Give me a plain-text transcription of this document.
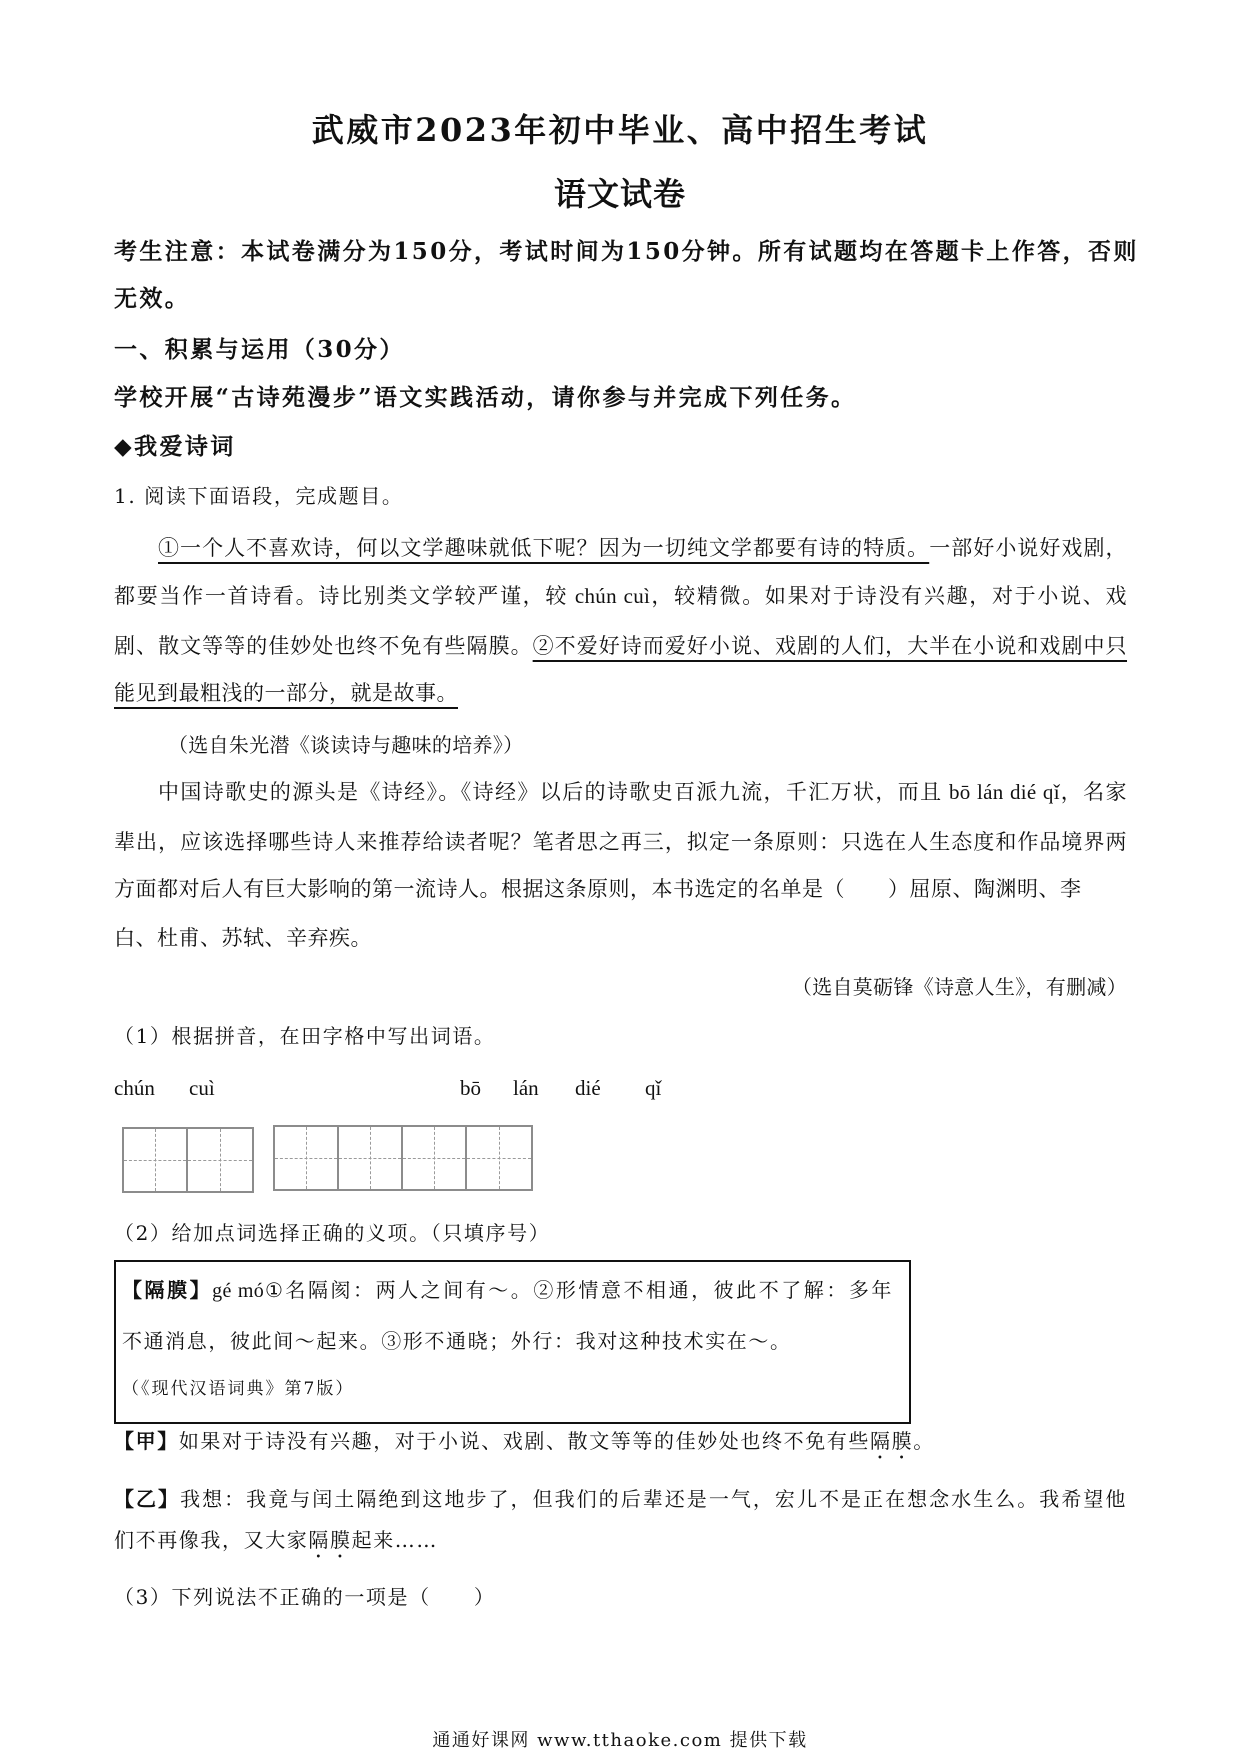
武威市2023年初中毕业、高中招生考试
语文试卷
考生注意：本试卷满分为150分，考试时间为150分钟。所有试题均在答题卡上作答，否则
无效。
一、积累与运用（30分）
学校开展“古诗苑漫步”语文实践活动，请你参与并完成下列任务。
◆我爱诗词
1. 阅读下面语段，完成题目。
①一个人不喜欢诗，何以文学趣味就低下呢？因为一切纯文学都要有诗的特质。一部好小说好戏剧，
都要当作一首诗看。诗比别类文学较严谨，较 chún cuì，较精微。如果对于诗没有兴趣，对于小说、戏
剧、散文等等的佳妙处也终不免有些隔膜。②不爱好诗而爱好小说、戏剧的人们，大半在小说和戏剧中只
能见到最粗浅的一部分，就是故事。
（选自朱光潜《谈读诗与趣味的培养》）
中国诗歌史的源头是《诗经》。《诗经》以后的诗歌史百派九流，千汇万状，而且 bō lán dié qǐ，名家
辈出，应该选择哪些诗人来推荐给读者呢？笔者思之再三，拟定一条原则：只选在人生态度和作品境界两
方面都对后人有巨大影响的第一流诗人。根据这条原则，本书选定的名单是（　　）屈原、陶渊明、李
白、杜甫、苏轼、辛弃疾。
（选自莫砺锋《诗意人生》，有删减）
（1）根据拼音，在田字格中写出词语。
chún cuì	bō lán dié qǐ
（2）给加点词选择正确的义项。（只填序号）
【隔膜】gé mó①名隔阂：两人之间有～。②形情意不相通，彼此不了解：多年
不通消息，彼此间～起来。③形不通晓；外行：我对这种技术实在～。
（《现代汉语词典》第7版）
【甲】如果对于诗没有兴趣，对于小说、戏剧、散文等等的佳妙处也终不免有些隔膜。
【乙】我想：我竟与闰土隔绝到这地步了，但我们的后辈还是一气，宏儿不是正在想念水生么。我希望他
们不再像我，又大家隔膜起来……
（3）下列说法不正确的一项是（　　）
通通好课网 www.tthaoke.com 提供下载
